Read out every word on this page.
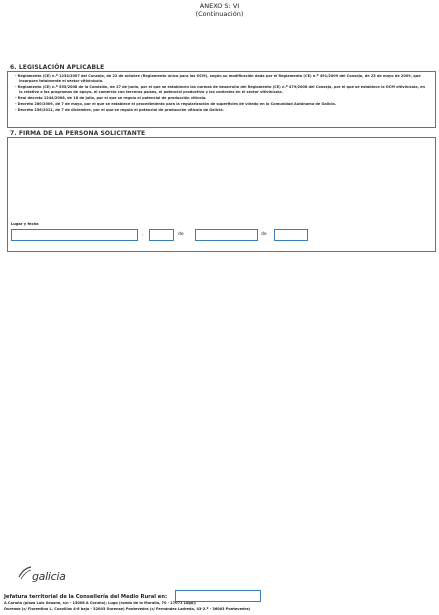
ANEXO S: VI
(Continuación)
6. LEGISLACIÓN APLICABLE
- Reglamento (CE) n.º 1234/2007 del Consejo, de 22 de octubre (Reglamento único para las OCM), según su modificación dada por el Reglamento (CE) n.º 491/2009 del Consejo, de 25 de mayo de 2009, que incorpora totalmente el sector vitivinícola.
- Reglamento (CE) n.º 555/2008 de la Comisión, de 27 de junio, por el que se establecen las normas de desarrollo del Reglamento (CE) n.º 479/2008 del Consejo, por el que se establece la OCM vitivinícola, en lo relativo a los programas de apoyo, el comercio con terceros países, el potencial productivo y los controles en el sector vitivinícola.
- Real decreto 1244/2008, de 18 de julio, por el que se regula el potencial de producción vitícola.
- Decreto 280/2009, de 7 de mayo, por el que se establece el procedimiento para la regularización de superficies de viñedo en la Comunidad Autónoma de Galicia.
- Decreto 256/2011, de 7 de diciembre, por el que se regula el potencial de producción vitícola de Galicia.
7. FIRMA DE LA PERSONA SOLICITANTE
Lugar y fecha
,	de	de
galicia
Jefatura territorial de la Consellería del Medio Rural en:
A Coruña (plaza Luis Seoane, s/n - 15008 A Coruña); Lugo (ronda de la Muralla, 70 - 27071 Lugo);
Ourense (c/ Florentino L. Cuevillas 4-6 bajo - 32003 Ourense) Pontevedra (c/ Fernández Ladreda, 43-2.º - 36003 Pontevedra)
